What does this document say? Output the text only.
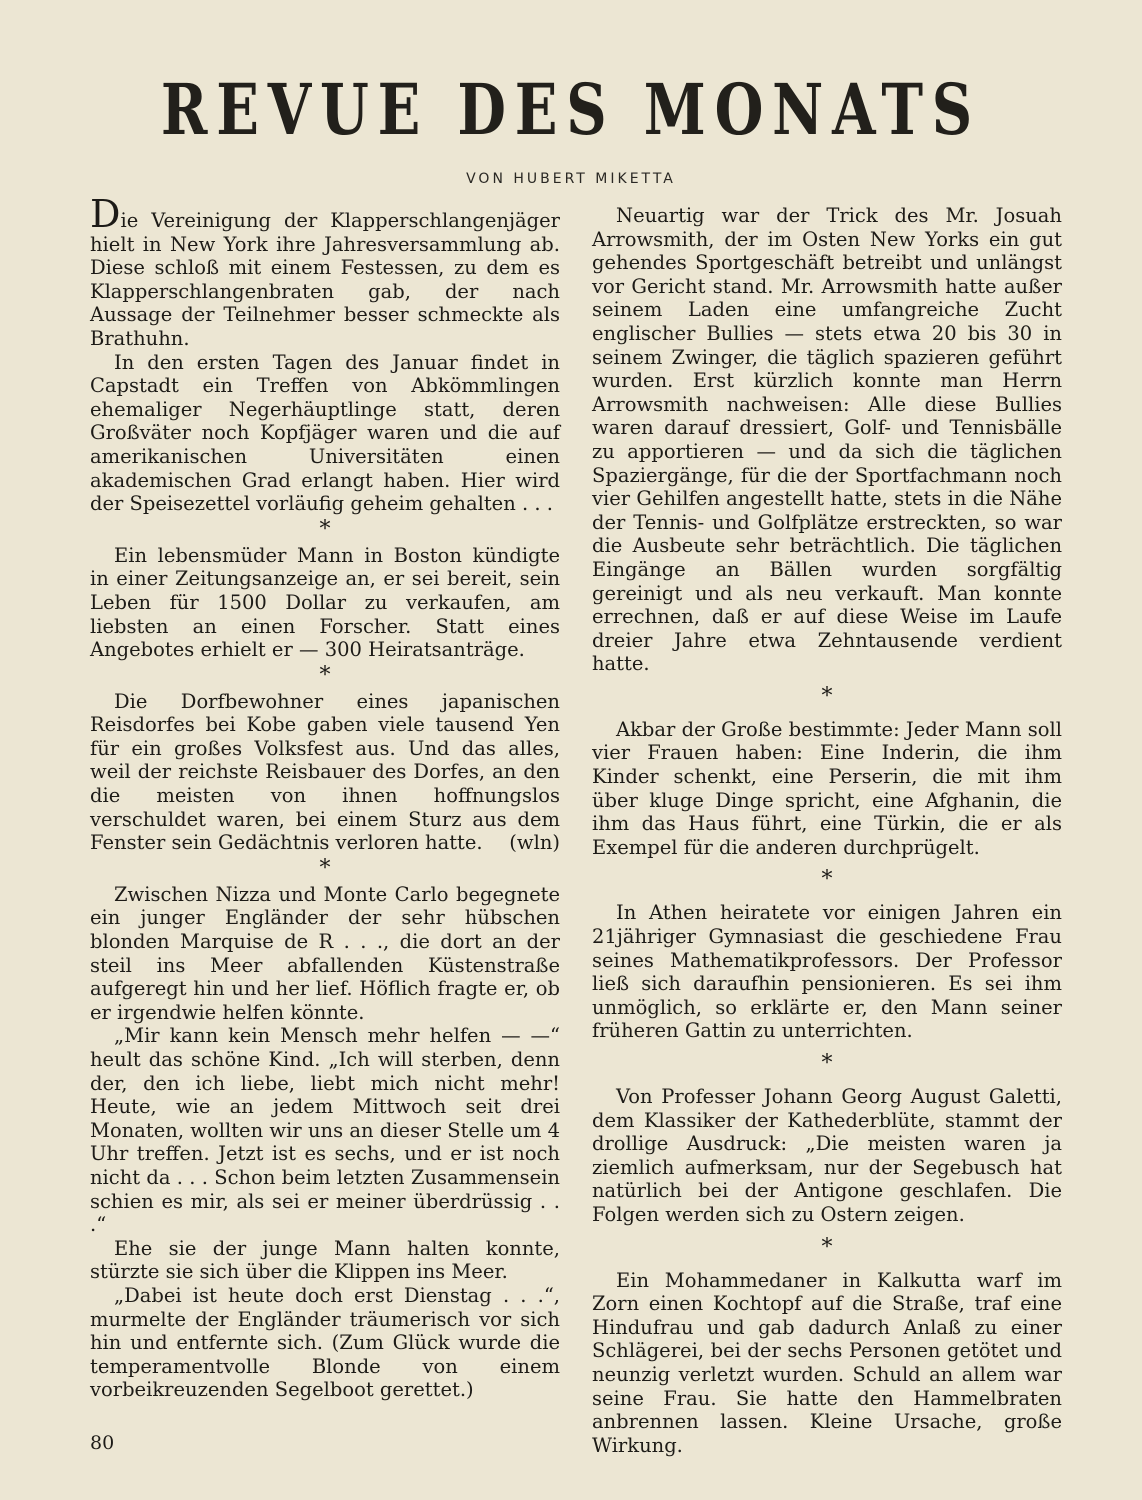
REVUE DES MONATS
VON HUBERT MIKETTA

Die Vereinigung der Klapperschlangenjäger hielt in New York ihre Jahresversammlung ab. Diese schloß mit einem Festessen, zu dem es Klapperschlangenbraten gab, der nach Aussage der Teilnehmer besser schmeckte als Brathuhn.

In den ersten Tagen des Januar findet in Capstadt ein Treffen von Abkömmlingen ehemaliger Negerhäuptlinge statt, deren Großväter noch Kopfjäger waren und die auf amerikanischen Universitäten einen akademischen Grad erlangt haben. Hier wird der Speisezettel vorläufig geheim gehalten . . .

*

Ein lebensmüder Mann in Boston kündigte in einer Zeitungsanzeige an, er sei bereit, sein Leben für 1500 Dollar zu verkaufen, am liebsten an einen Forscher. Statt eines Angebotes erhielt er — 300 Heiratsanträge.

*

Die Dorfbewohner eines japanischen Reisdorfes bei Kobe gaben viele tausend Yen für ein großes Volksfest aus. Und das alles, weil der reichste Reisbauer des Dorfes, an den die meisten von ihnen hoffnungslos verschuldet waren, bei einem Sturz aus dem Fenster sein Gedächtnis verloren hatte.	(wln)

*

Zwischen Nizza und Monte Carlo begegnete ein junger Engländer der sehr hübschen blonden Marquise de R . . ., die dort an der steil ins Meer abfallenden Küstenstraße aufgeregt hin und her lief. Höflich fragte er, ob er irgendwie helfen könnte.

„Mir kann kein Mensch mehr helfen — —“ heult das schöne Kind. „Ich will sterben, denn der, den ich liebe, liebt mich nicht mehr! Heute, wie an jedem Mittwoch seit drei Monaten, wollten wir uns an dieser Stelle um 4 Uhr treffen. Jetzt ist es sechs, und er ist noch nicht da . . . Schon beim letzten Zusammensein schien es mir, als sei er meiner überdrüssig . . .“

Ehe sie der junge Mann halten konnte, stürzte sie sich über die Klippen ins Meer.

„Dabei ist heute doch erst Dienstag . . .“, murmelte der Engländer träumerisch vor sich hin und entfernte sich. (Zum Glück wurde die temperamentvolle Blonde von einem vorbeikreuzenden Segelboot gerettet.)

Neuartig war der Trick des Mr. Josuah Arrowsmith, der im Osten New Yorks ein gut gehendes Sportgeschäft betreibt und unlängst vor Gericht stand. Mr. Arrowsmith hatte außer seinem Laden eine umfangreiche Zucht englischer Bullies — stets etwa 20 bis 30 in seinem Zwinger, die täglich spazieren geführt wurden. Erst kürzlich konnte man Herrn Arrowsmith nachweisen: Alle diese Bullies waren darauf dressiert, Golf- und Tennisbälle zu apportieren — und da sich die täglichen Spaziergänge, für die der Sportfachmann noch vier Gehilfen angestellt hatte, stets in die Nähe der Tennis- und Golfplätze erstreckten, so war die Ausbeute sehr beträchtlich. Die täglichen Eingänge an Bällen wurden sorgfältig gereinigt und als neu verkauft. Man konnte errechnen, daß er auf diese Weise im Laufe dreier Jahre etwa Zehntausende verdient hatte.

*

Akbar der Große bestimmte: Jeder Mann soll vier Frauen haben: Eine Inderin, die ihm Kinder schenkt, eine Perserin, die mit ihm über kluge Dinge spricht, eine Afghanin, die ihm das Haus führt, eine Türkin, die er als Exempel für die anderen durchprügelt.

*

In Athen heiratete vor einigen Jahren ein 21jähriger Gymnasiast die geschiedene Frau seines Mathematikprofessors. Der Professor ließ sich daraufhin pensionieren. Es sei ihm unmöglich, so erklärte er, den Mann seiner früheren Gattin zu unterrichten.

*

Von Professer Johann Georg August Galetti, dem Klassiker der Kathederblüte, stammt der drollige Ausdruck: „Die meisten waren ja ziemlich aufmerksam, nur der Segebusch hat natürlich bei der Antigone geschlafen. Die Folgen werden sich zu Ostern zeigen.

*

Ein Mohammedaner in Kalkutta warf im Zorn einen Kochtopf auf die Straße, traf eine Hindufrau und gab dadurch Anlaß zu einer Schlägerei, bei der sechs Personen getötet und neunzig verletzt wurden. Schuld an allem war seine Frau. Sie hatte den Hammelbraten anbrennen lassen. Kleine Ursache, große Wirkung.

80
